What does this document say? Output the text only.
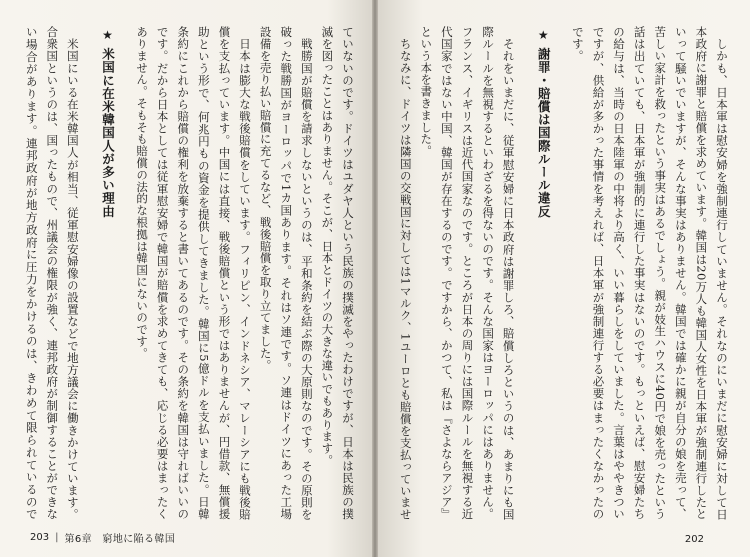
ていないのです。ドイツはユダヤ人という民族の撲滅をやったわけですが、日本は民族の撲滅を図ったことはありません。そこが、日本とドイツの大きな違いでもあります。

戦勝国が賠償を請求しないというのは、平和条約を結ぶ際の大原則なのです。その原則を破った戦勝国がヨーロッパで1カ国あります。それはソ連です。ソ連はドイツにあった工場設備を売り払い賠償に充てるなど、戦後賠償を取り立てました。

日本は膨大な戦後賠償をしています。フィリピン、インドネシア、マレーシアにも戦後賠償を支払っています。中国には直接、戦後賠償という形ではありませんが、円借款、無償援助という形で、何兆円もの資金を提供してきました。韓国に5億ドルを支払いました。日韓条約にこれから賠償の権利を放棄すると書いてあるのです。その条約を韓国は守ればいいのです。だから日本としては従軍慰安婦で韓国が賠償を求めてきても、応じる必要はまったくありません。そもそも賠償の法的な根拠は韓国にないのです。

★ 米国に在米韓国人が多い理由

米国にいる在米韓国人が相当、従軍慰安婦像の設置などで地方議会に働きかけています。合衆国というのは、国ったもので、州議会の権限が強く、連邦政府が制御することができない場合があります。連邦政府が地方政府に圧力をかけるのは、きわめて限られているので

203 | 第6章　窮地に陥る韓国

しかも、日本軍は慰安婦を強制連行していません。それなのにいまだに慰安婦に対して日本政府に謝罪と賠償を求めています。韓国は20万人も韓国人女性を日本軍が強制連行したといって騒いでいますが、そんな事実はありません。韓国では確かに親が自分の娘を売って、苦しい家計を救ったという事実はあるでしょう。親が妓生ハウスに40円で娘を売ったという話は出ていても、日本軍が強制的に連行した事実はないのです。もっといえば、慰安婦たちの給与は、当時の日本陸軍の中将より高く、いい暮らしをしていました。言葉はややきついですが、供給が多かった事情を考えれば、日本軍が強制連行する必要はまったくなかったのです。

★ 謝罪・賠償は国際ルール違反

それをいまだに、従軍慰安婦に日本政府は謝罪しろ、賠償しろというのは、あまりにも国際ルールを無視するといわざるを得ないのです。そんな国家はヨーロッパにはありません。フランス、イギリスは近代国家なのです。ところが日本の周りには国際ルールを無視する近代国家ではない中国、韓国が存在するのです。ですから、かつて、私は『さよならアジア』という本を書きました。

ちなみに、ドイツは隣国の交戦国に対しては1マルク、1ユーロとも賠償を支払っていませ

202
